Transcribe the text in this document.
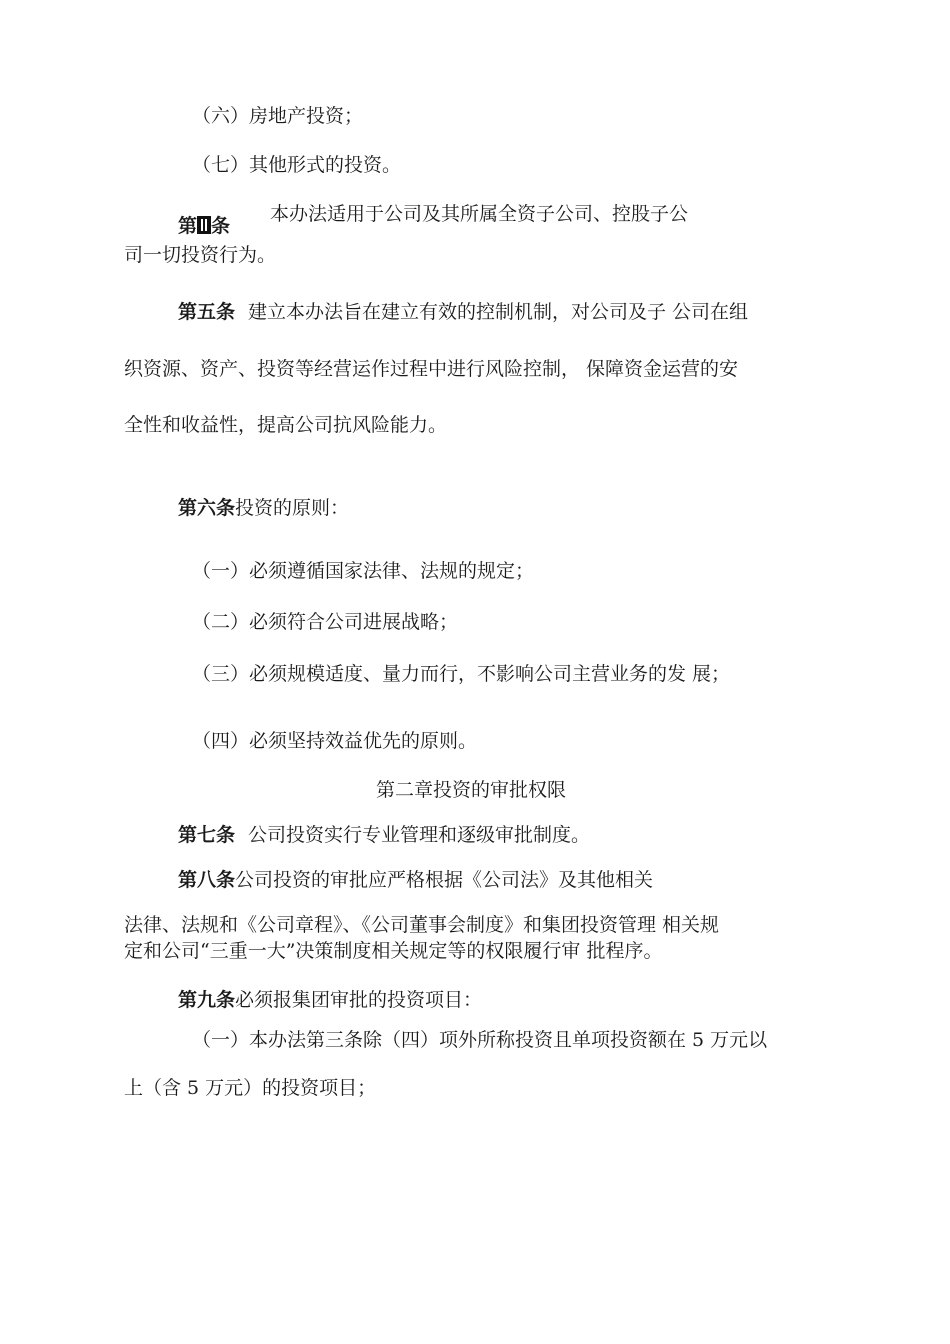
（六）房地产投资；

（七）其他形式的投资。

第 条

本办法适用于公司及其所属全资子公司、控股子公

司一切投资行为。

第五条 建立本办法旨在建立有效的控制机制，对公司及子 公司在组

织资源、资产、投资等经营运作过程中进行风险控制， 保障资金运营的安

全性和收益性，提高公司抗风险能力。

第六条投资的原则：

（一）必须遵循国家法律、法规的规定；

（二）必须符合公司进展战略；

（三）必须规模适度、量力而行，不影响公司主营业务的发 展；

（四）必须坚持效益优先的原则。

第二章投资的审批权限

第七条 公司投资实行专业管理和逐级审批制度。

第八条公司投资的审批应严格根据《公司法》及其他相关

法律、法规和《公司章程》、《公司董事会制度》和集团投资管理 相关规

定和公司“三重一大”决策制度相关规定等的权限履行审 批程序。

第九条必须报集团审批的投资项目：

（一）本办法第三条除（四）项外所称投资且单项投资额在 5 万元以

上（含 5 万元）的投资项目；
